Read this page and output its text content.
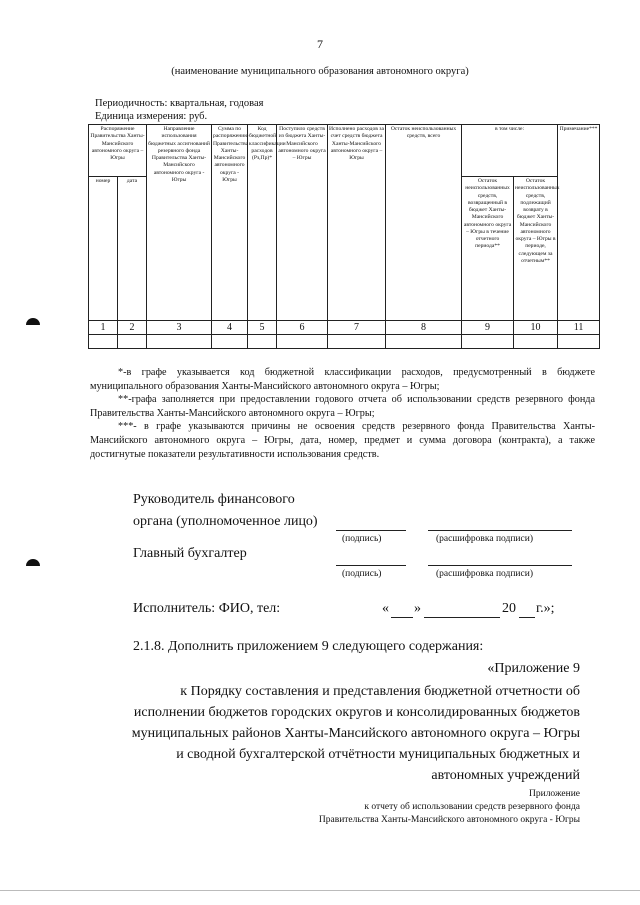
7
(наименование муниципального образования автономного округа)
Периодичность: квартальная, годовая
Единица измерения: руб.
Распоряжение Правительства Ханты-Мансийского автономного округа – Югры		Направление использования бюджетных ассигнований резервного фонда Правительства Ханты-Мансийского автономного округа - Югры	Сумма по распоряжению Правительства Ханты-Мансийского автономного округа - Югры	Код бюджетной классификации расходов (Рз,Пр)*	Поступило средств из бюджета Ханты-Мансийского автономного округа – Югры	Исполнено расходов за счет средств бюджета Ханты-Мансийского автономного округа – Югры	Остаток неиспользованных средств, всего	в том числе:		Примечание***
номер	дата							Остаток неиспользованных средств, возвращенный в бюджет Ханты-Мансийского автономного округа – Югры в течение отчетного периода**	Остаток неиспользованных средств, подлежащий возврату в бюджет Ханты-Мансийского автономного округа – Югры в периоде, следующем за отчетным**	
1	2	3	4	5	6	7	8	9	10	11

*-в графе указывается код бюджетной классификации расходов, предусмотренный в бюджете муниципального образования Ханты-Мансийского автономного округа – Югры;

**-графа заполняется при предоставлении годового отчета об использовании средств резервного фонда Правительства Ханты-Мансийского автономного округа – Югры;

***- в графе указываются причины не освоения средств резервного фонда Правительства Ханты-Мансийского автономного округа – Югры, дата, номер, предмет и сумма договора (контракта), а также достигнутые показатели результативности использования средств.

Руководитель финансового
органа (уполномоченное лицо)
(подпись)	(расшифровка подписи)
Главный бухгалтер
(подпись)	(расшифровка подписи)
Исполнитель: ФИО, тел:	« »	20 г.»;
2.1.8. Дополнить приложением 9 следующего содержания:
«Приложение 9
к Порядку составления и представления бюджетной отчетности об
исполнении бюджетов городских округов и консолидированных бюджетов
муниципальных районов Ханты-Мансийского автономного округа – Югры
и сводной бухгалтерской отчётности муниципальных бюджетных и
автономных учреждений
Приложение
к отчету об использовании средств резервного фонда
Правительства Ханты-Мансийского автономного округа - Югры
